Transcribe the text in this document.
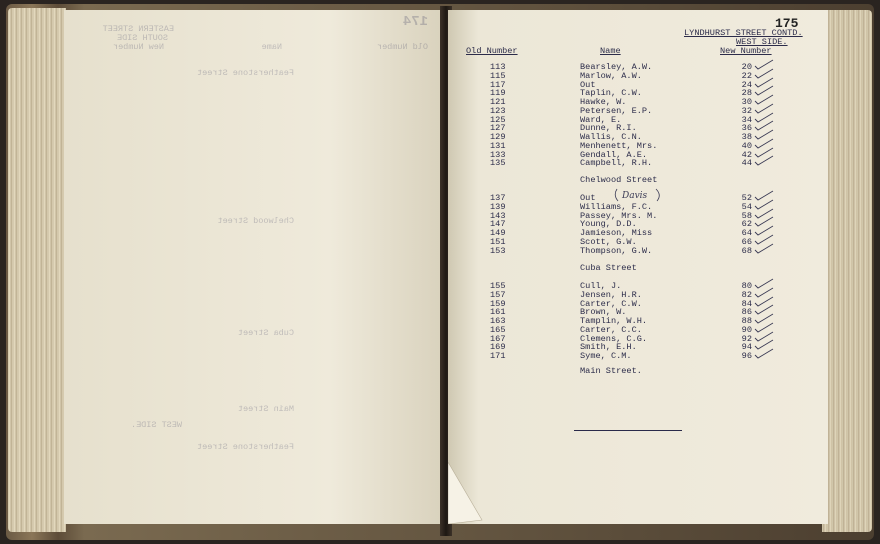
174
EASTERN STREET
SOUTH SIDE
New Number	Name	Old Number
Featherstone Street
Chelwood Street
Cuba Street
Main Street
WEST SIDE.
Featherstone Street
175
LYNDHURST STREET CONTD.
WEST SIDE.
Old Number	Name	New Number
113	Bearsley, A.W.	20
115	Marlow, A.W.	22
117	Out	24
119	Taplin, C.W.	28
121	Hawke, W.	30
123	Petersen, E.P.	32
125	Ward, E.	34
127	Dunne, R.I.	36
129	Wallis, C.N.	38
131	Menhenett, Mrs.	40
133	Gendall, A.E.	42
135	Campbell, R.H.	44
Chelwood Street
137	Out	52
139	Williams, F.C.	54
143	Passey, Mrs. M.	58
147	Young, D.D.	62
149	Jamieson, Miss	64
151	Scott, G.W.	66
153	Thompson, G.W.	68
Cuba Street
155	Cull, J.	80
157	Jensen, H.R.	82
159	Carter, C.W.	84
161	Brown, W.	86
163	Tamplin, W.H.	88
165	Carter, C.C.	90
167	Clemens, C.G.	92
169	Smith, E.H.	94
171	Syme, C.M.	96
Main Street.
Davis
